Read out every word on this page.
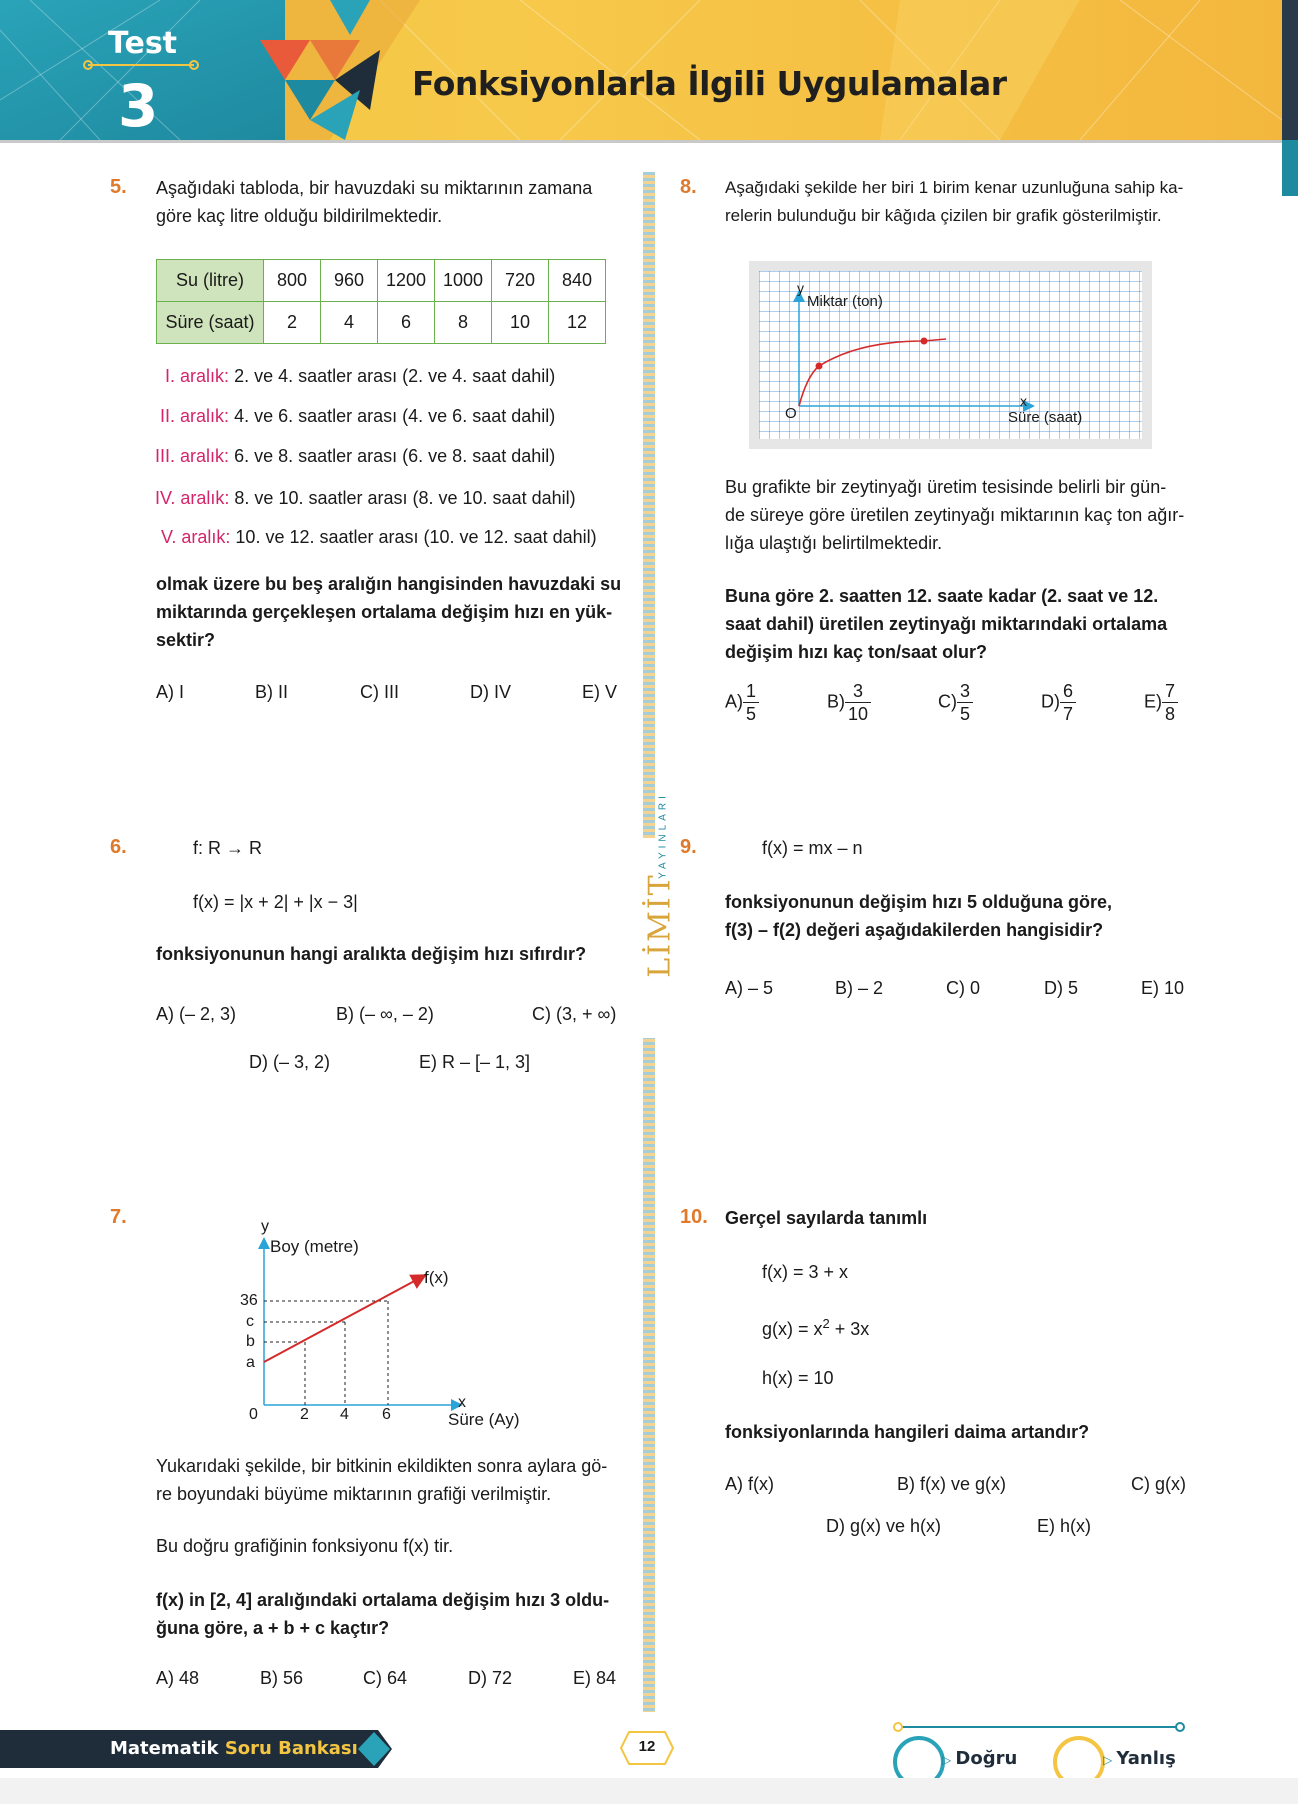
Test
3	Fonksiyonlarla İlgili Uygulamalar
LİMİT
YAYINLARI
5. Aşağıdaki tabloda, bir havuzdaki su miktarının zamana
göre kaç litre olduğu bildirilmektedir.
Su (litre)	800	960	1200	1000	720	840
Süre (saat)	2	4	6	8	10	12
I. aralık: 2. ve 4. saatler arası (2. ve 4. saat dahil)
II. aralık: 4. ve 6. saatler arası (4. ve 6. saat dahil)
III. aralık: 6. ve 8. saatler arası (6. ve 8. saat dahil)
IV. aralık: 8. ve 10. saatler arası (8. ve 10. saat dahil)
V. aralık: 10. ve 12. saatler arası (10. ve 12. saat dahil)
olmak üzere bu beş aralığın hangisinden havuzdaki su
miktarında gerçekleşen ortalama değişim hızı en yük-
sektir?
A) I	B) II	C) III	D) IV	E) V
6.	f: R → R
f(x) = |x + 2| + |x − 3|
fonksiyonunun hangi aralıkta değişim hızı sıfırdır?
A) (– 2, 3)	B) (– ∞, – 2)	C) (3, + ∞)
D) (– 3, 2)	E) R – [– 1, 3]
7.	y
Boy (metre)
f(x)
36
c
b
a
0	2 4 6
x
Süre (Ay)
Yukarıdaki şekilde, bir bitkinin ekildikten sonra aylara gö-
re boyundaki büyüme miktarının grafiği verilmiştir.
Bu doğru grafiğinin fonksiyonu f(x) tir.
f(x) in [2, 4] aralığındaki ortalama değişim hızı 3 oldu-
ğuna göre, a + b + c kaçtır?
A) 48	B) 56	C) 64	D) 72	E) 84
8. Aşağıdaki şekilde her biri 1 birim kenar uzunluğuna sahip ka-
relerin bulunduğu bir kâğıda çizilen bir grafik gösterilmiştir.
y
Miktar (ton)
O
x
Süre (saat)
Bu grafikte bir zeytinyağı üretim tesisinde belirli bir gün-
de süreye göre üretilen zeytinyağı miktarının kaç ton ağır-
lığa ulaştığı belirtilmektedir.
Buna göre 2. saatten 12. saate kadar (2. saat ve 12.
saat dahil) üretilen zeytinyağı miktarındaki ortalama
değişim hızı kaç ton/saat olur?
$A) \frac{1}{5}$	$B) \frac{3}{10}$	$C) \frac{3}{5}$	$D) \frac{6}{7}$	$E) \frac{7}{8}$
9.	f(x) = mx – n
fonksiyonunun değişim hızı 5 olduğuna göre,
f(3) – f(2) değeri aşağıdakilerden hangisidir?
A) – 5	B) – 2	C) 0	D) 5	E) 10
10. Gerçel sayılarda tanımlı
f(x) = 3 + x
$g(x) = x^2 + 3x$
h(x) = 10
fonksiyonlarında hangileri daima artandır?
A) f(x)	B) f(x) ve g(x)	C) g(x)
D) g(x) ve h(x)	E) h(x)
Matematik Soru Bankası	12
▷ Doğru	▷ Yanlış
